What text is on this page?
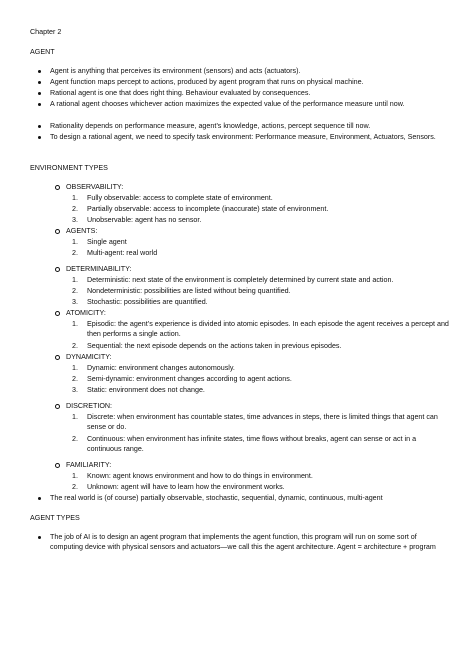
Chapter 2

AGENT

Agent is anything that perceives its environment (sensors) and acts (actuators).
Agent function maps percept to actions, produced by agent program that runs on physical machine.
Rational agent is one that does right thing. Behaviour evaluated by consequences.
A rational agent chooses whichever action maximizes the expected value of the performance measure until now.
Rationality depends on performance measure, agent’s knowledge, actions, percept sequence till now.
To design a rational agent, we need to specify task environment: Performance measure, Environment, Actuators, Sensors.

ENVIRONMENT TYPES

OBSERVABILITY:
1. Fully observable: access to complete state of environment.
2. Partially observable: access to incomplete (inaccurate) state of environment.
3. Unobservable: agent has no sensor.
AGENTS:
1. Single agent
2. Multi-agent: real world
DETERMINABILITY:
1. Deterministic: next state of the environment is completely determined by current state and action.
2. Nondeterministic: possibilities are listed without being quantified.
3. Stochastic: possibilities are quantified.
ATOMICITY:
1. Episodic: the agent’s experience is divided into atomic episodes. In each episode the agent receives a percept and then performs a single action.
2. Sequential: the next episode depends on the actions taken in previous episodes.
DYNAMICITY:
1. Dynamic: environment changes autonomously.
2. Semi-dynamic: environment changes according to agent actions.
3. Static: environment does not change.
DISCRETION:
1. Discrete: when environment has countable states, time advances in steps, there is limited things that agent can sense or do.
2. Continuous: when environment has infinite states, time flows without breaks, agent can sense or act in a continuous range.
FAMILIARITY:
1. Known: agent knows environment and how to do things in environment.
2. Unknown: agent will have to learn how the environment works.
The real world is (of course) partially observable, stochastic, sequential, dynamic, continuous, multi-agent

AGENT TYPES

The job of AI is to design an agent program that implements the agent function, this program will run on some sort of computing device with physical sensors and actuators—we call this the agent architecture. Agent = architecture + program
